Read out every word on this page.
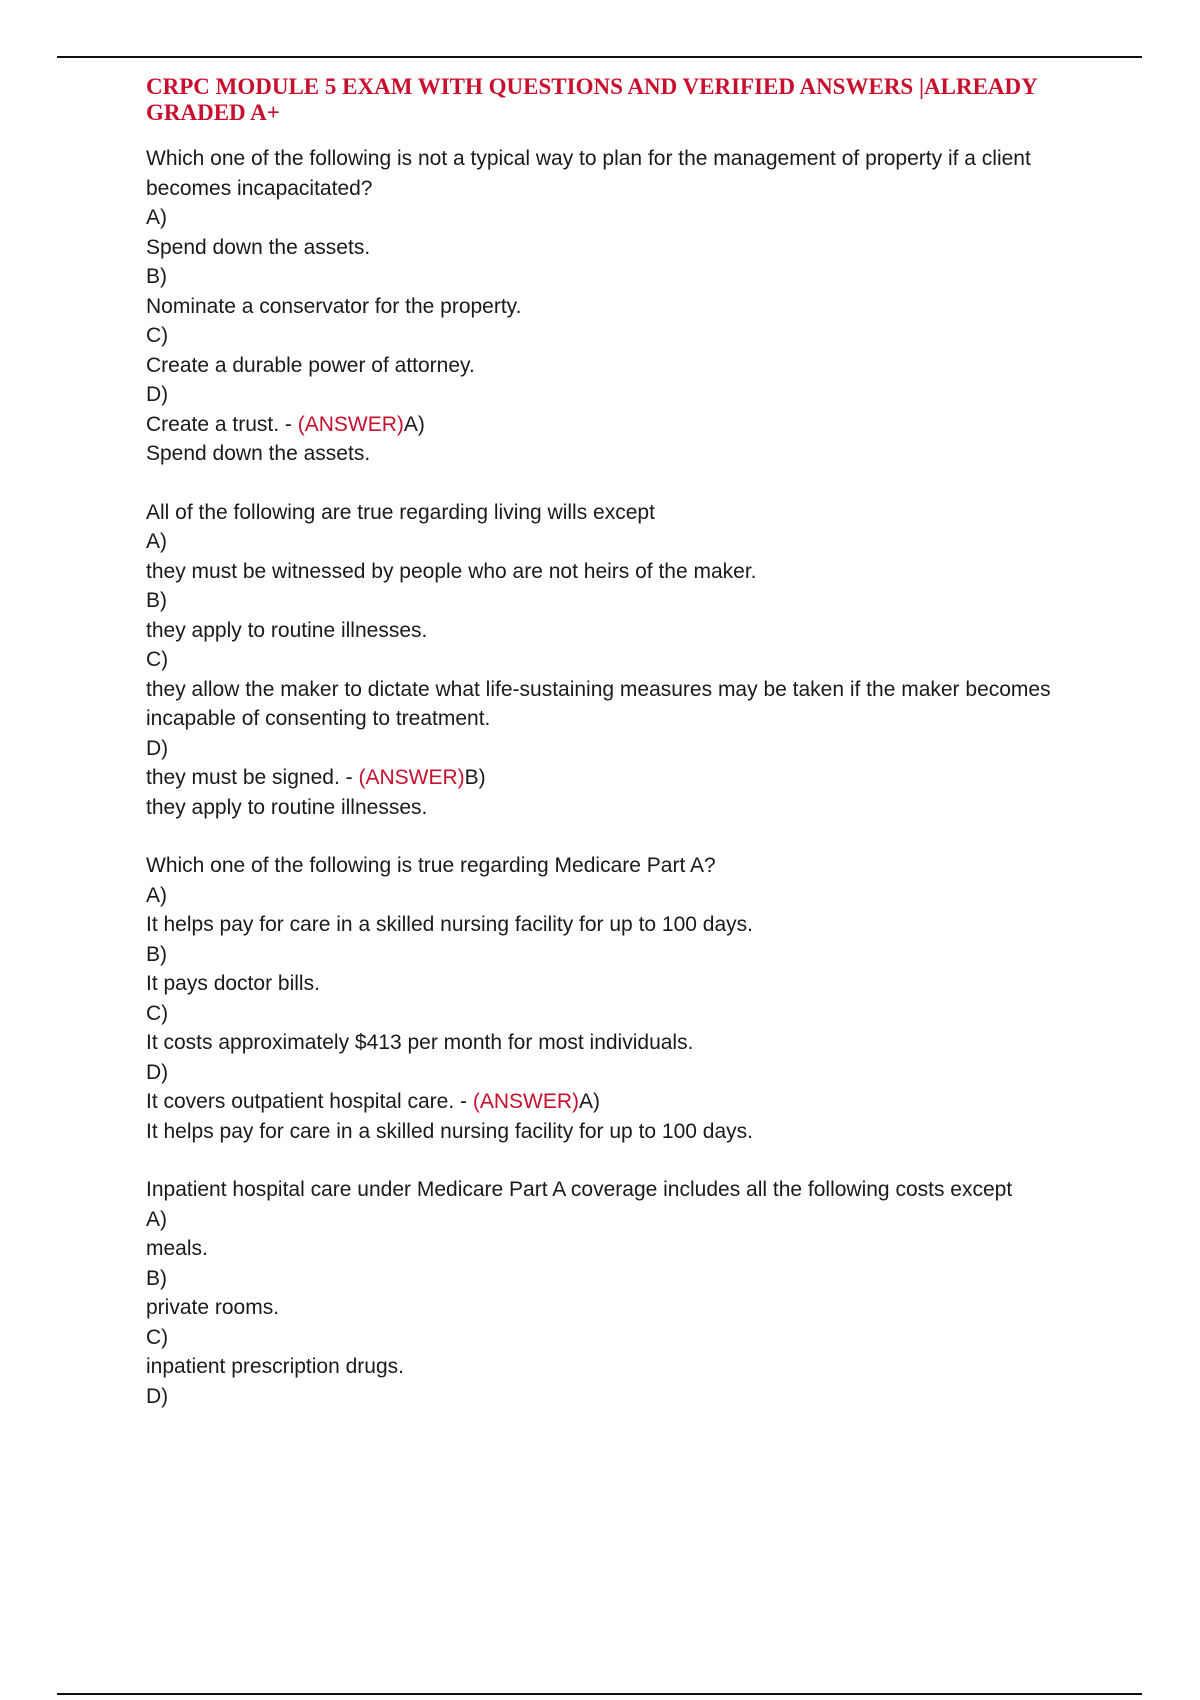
CRPC MODULE 5 EXAM WITH QUESTIONS AND VERIFIED ANSWERS |ALREADY GRADED A+
Which one of the following is not a typical way to plan for the management of property if a client becomes incapacitated?
A)
Spend down the assets.
B)
Nominate a conservator for the property.
C)
Create a durable power of attorney.
D)
Create a trust. - (ANSWER)A)
Spend down the assets.
All of the following are true regarding living wills except
A)
they must be witnessed by people who are not heirs of the maker.
B)
they apply to routine illnesses.
C)
they allow the maker to dictate what life-sustaining measures may be taken if the maker becomes incapable of consenting to treatment.
D)
they must be signed. - (ANSWER)B)
they apply to routine illnesses.
Which one of the following is true regarding Medicare Part A?
A)
It helps pay for care in a skilled nursing facility for up to 100 days.
B)
It pays doctor bills.
C)
It costs approximately $413 per month for most individuals.
D)
It covers outpatient hospital care. - (ANSWER)A)
It helps pay for care in a skilled nursing facility for up to 100 days.
Inpatient hospital care under Medicare Part A coverage includes all the following costs except
A)
meals.
B)
private rooms.
C)
inpatient prescription drugs.
D)
